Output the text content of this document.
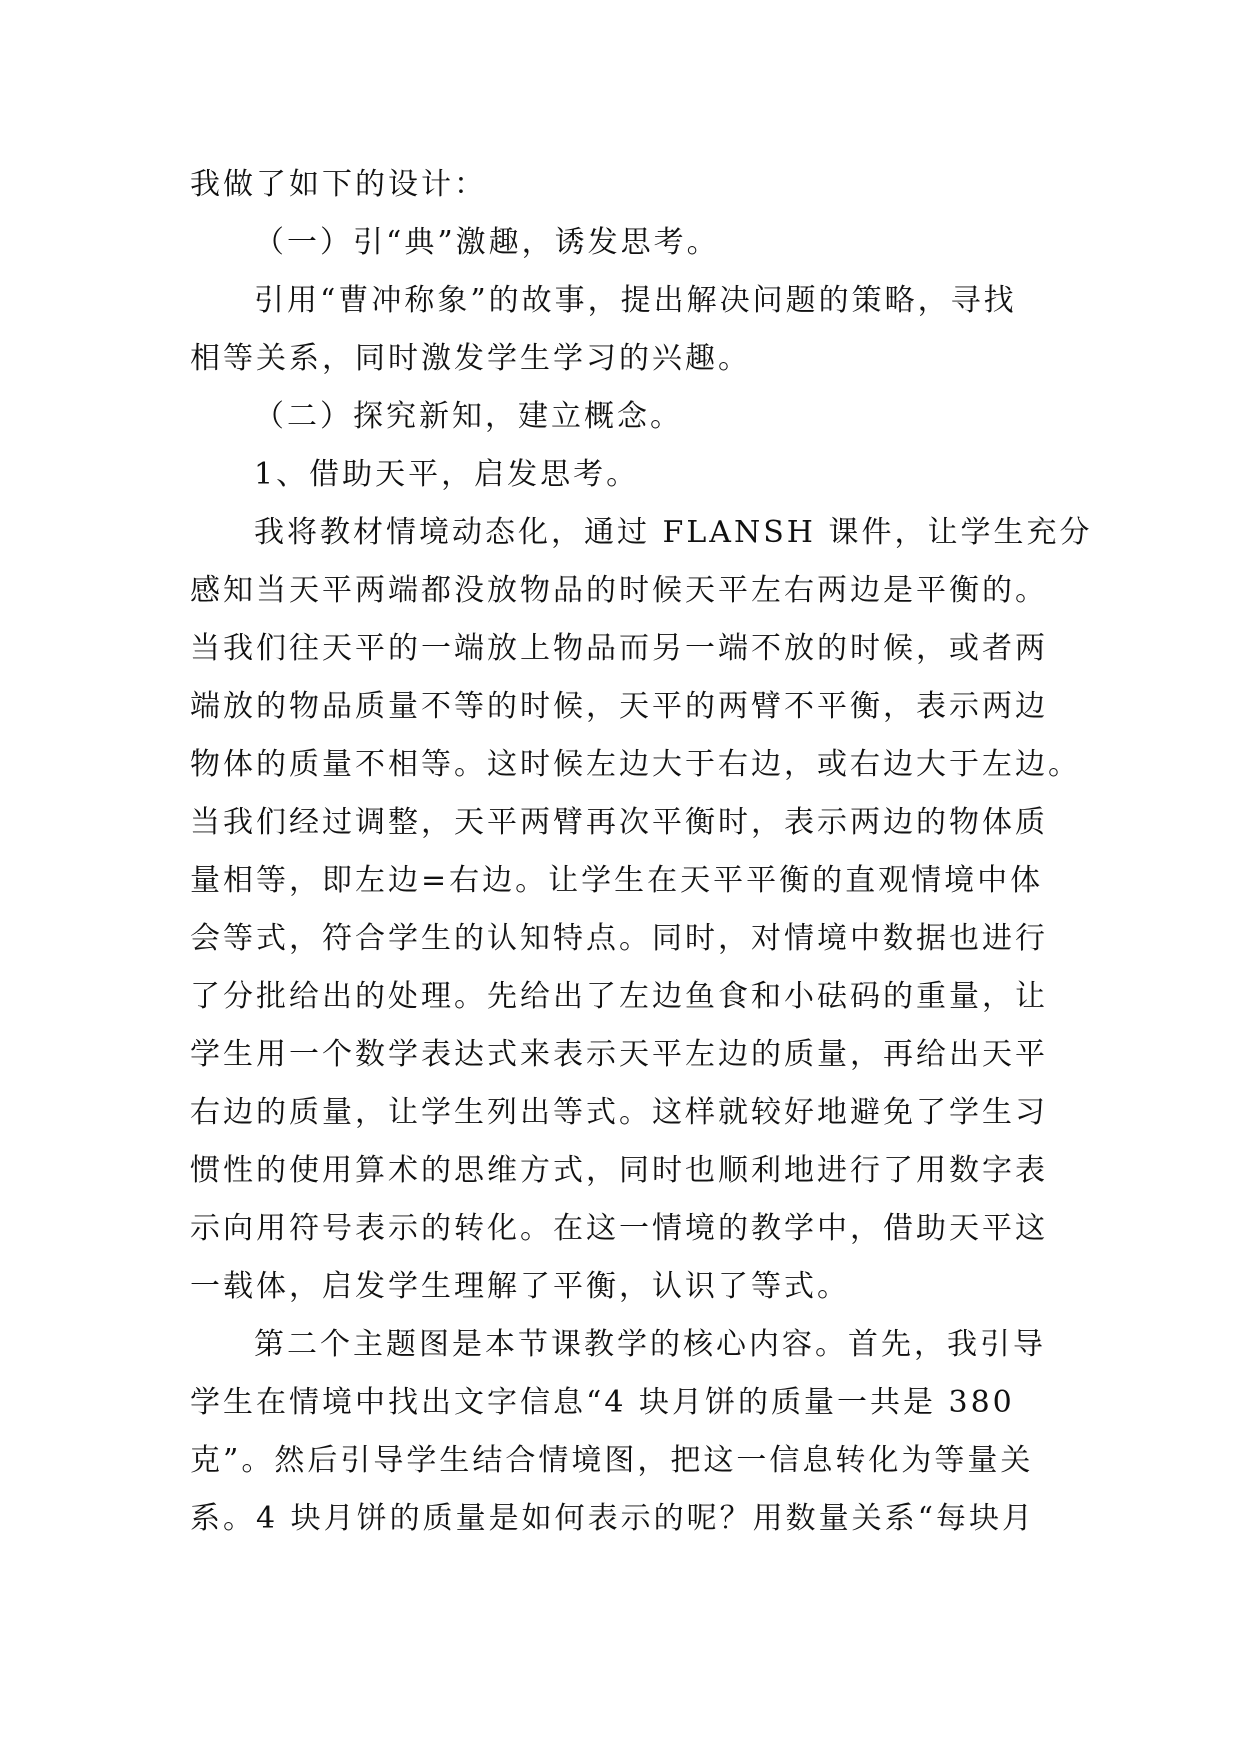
我做了如下的设计：
（一）引“典”激趣，诱发思考。
引用“曹冲称象”的故事，提出解决问题的策略，寻找
相等关系，同时激发学生学习的兴趣。
（二）探究新知，建立概念。
1、借助天平，启发思考。
我将教材情境动态化，通过 FLANSH 课件，让学生充分
感知当天平两端都没放物品的时候天平左右两边是平衡的。
当我们往天平的一端放上物品而另一端不放的时候，或者两
端放的物品质量不等的时候，天平的两臂不平衡，表示两边
物体的质量不相等。这时候左边大于右边，或右边大于左边。
当我们经过调整，天平两臂再次平衡时，表示两边的物体质
量相等，即左边=右边。让学生在天平平衡的直观情境中体
会等式，符合学生的认知特点。同时，对情境中数据也进行
了分批给出的处理。先给出了左边鱼食和小砝码的重量，让
学生用一个数学表达式来表示天平左边的质量，再给出天平
右边的质量，让学生列出等式。这样就较好地避免了学生习
惯性的使用算术的思维方式，同时也顺利地进行了用数字表
示向用符号表示的转化。在这一情境的教学中，借助天平这
一载体，启发学生理解了平衡，认识了等式。
第二个主题图是本节课教学的核心内容。首先，我引导
学生在情境中找出文字信息“4 块月饼的质量一共是 380
克”。然后引导学生结合情境图，把这一信息转化为等量关
系。4 块月饼的质量是如何表示的呢？用数量关系“每块月
